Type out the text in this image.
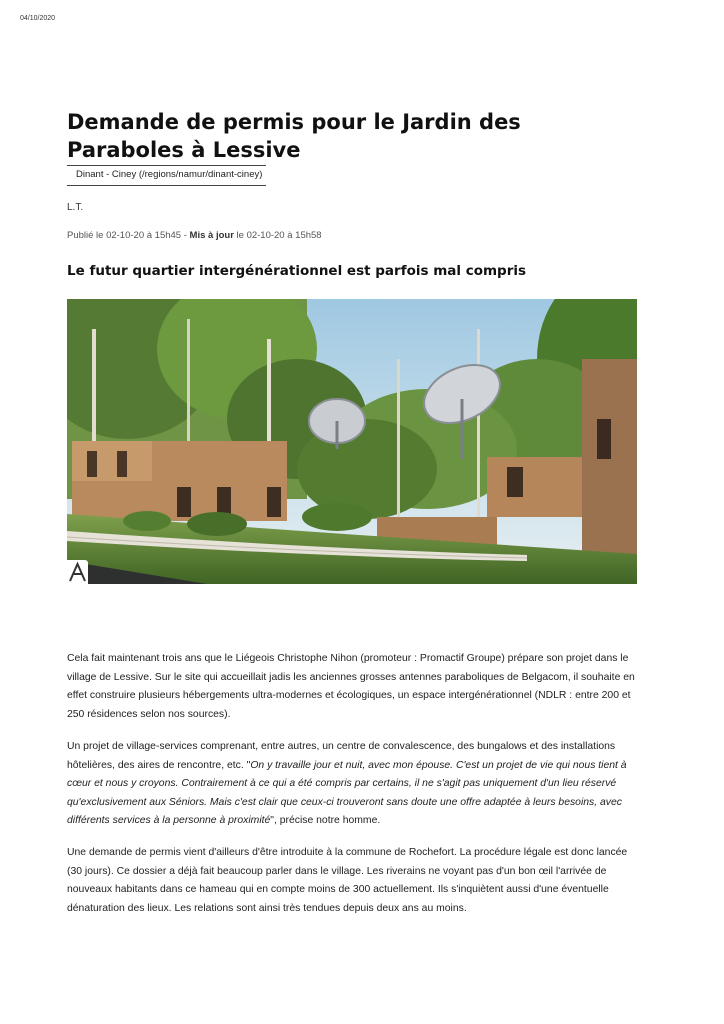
04/10/2020
Demande de permis pour le Jardin des Paraboles à Lessive
Dinant - Ciney (/regions/namur/dinant-ciney)
L.T.
Publié le 02-10-20 à 15h45 - Mis à jour le 02-10-20 à 15h58
Le futur quartier intergénérationnel est parfois mal compris

Cela fait maintenant trois ans que le Liégeois Christophe Nihon (promoteur : Promactif Groupe) prépare son projet dans le village de Lessive. Sur le site qui accueillait jadis les anciennes grosses antennes paraboliques de Belgacom, il souhaite en effet construire plusieurs hébergements ultra-modernes et écologiques, un espace intergénérationnel (NDLR : entre 200 et 250 résidences selon nos sources).

Un projet de village-services comprenant, entre autres, un centre de convalescence, des bungalows et des installations hôtelières, des aires de rencontre, etc. "On y travaille jour et nuit, avec mon épouse. C'est un projet de vie qui nous tient à cœur et nous y croyons. Contrairement à ce qui a été compris par certains, il ne s'agit pas uniquement d'un lieu réservé qu'exclusivement aux Séniors. Mais c'est clair que ceux-ci trouveront sans doute une offre adaptée à leurs besoins, avec différents services à la personne à proximité", précise notre homme.

Une demande de permis vient d'ailleurs d'être introduite à la commune de Rochefort. La procédure légale est donc lancée (30 jours). Ce dossier a déjà fait beaucoup parler dans le village. Les riverains ne voyant pas d'un bon œil l'arrivée de nouveaux habitants dans ce hameau qui en compte moins de 300 actuellement. Ils s'inquiètent aussi d'une éventuelle dénaturation des lieux. Les relations sont ainsi très tendues depuis deux ans au moins.
